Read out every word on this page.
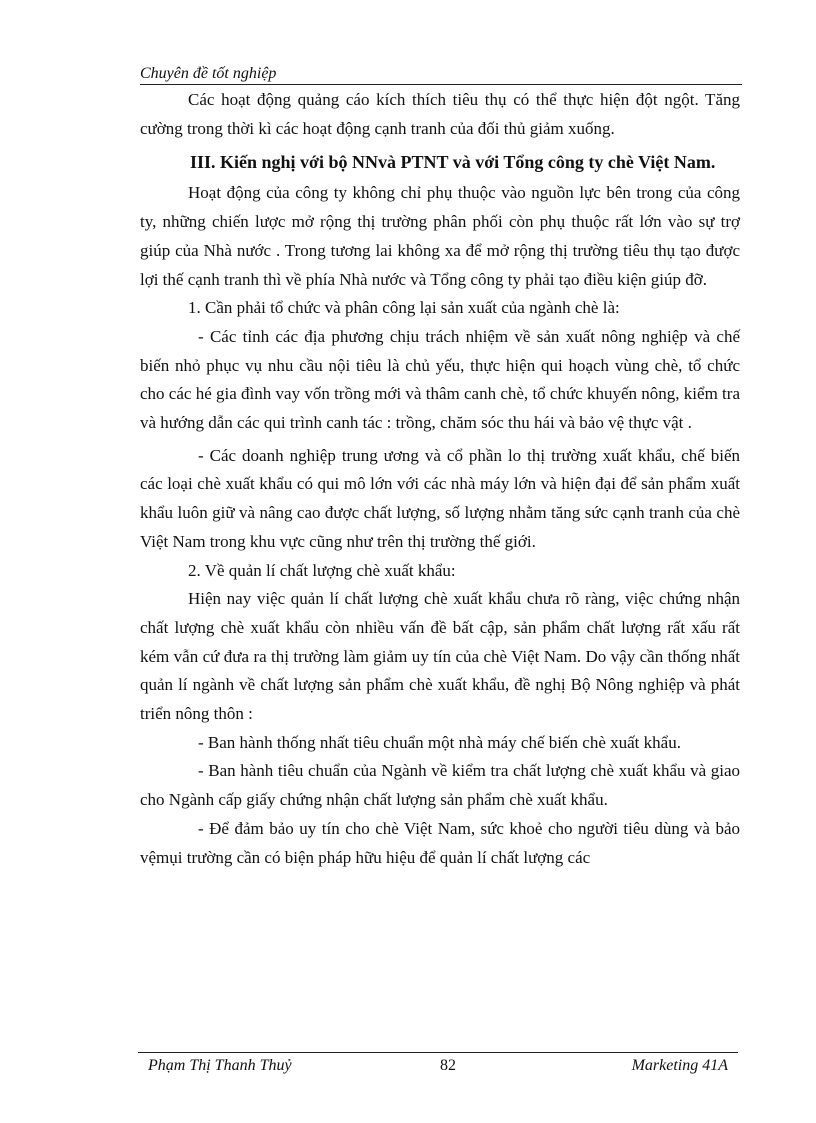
Chuyên đề tốt nghiệp

Các hoạt động quảng cáo kích thích tiêu thụ có thể thực hiện đột ngột. Tăng cường trong thời kì các hoạt động cạnh tranh của đối thủ giảm xuống.

III. Kiến nghị với bộ NNvà PTNT và với Tổng công ty chè Việt Nam.

Hoạt động của công ty không chỉ phụ thuộc vào nguồn lực bên trong của công ty, những chiến lược mở rộng thị trường phân phối còn phụ thuộc rất lớn vào sự trợ giúp của Nhà nước . Trong tương lai không xa để mở rộng thị trường tiêu thụ tạo được lợi thế cạnh tranh thì về phía Nhà nước và Tổng công ty phải tạo điều kiện giúp đỡ.

1. Cần phải tổ chức và phân công lại sản xuất của ngành chè là:

- Các tỉnh các địa phương chịu trách nhiệm về sản xuất nông nghiệp và chế biến nhỏ phục vụ nhu cầu nội tiêu là chủ yếu, thực hiện qui hoạch vùng chè, tổ chức cho các hé gia đình vay vốn trồng mới và thâm canh chè, tổ chức khuyến nông, kiểm tra và hướng dẫn các qui trình canh tác : trồng, chăm sóc thu hái và bảo vệ thực vật .

- Các doanh nghiệp trung ương và cổ phần lo thị trường xuất khẩu, chế biến các loại chè xuất khẩu có qui mô lớn với các nhà máy lớn và hiện đại để sản phẩm xuất khẩu luôn giữ và nâng cao được chất lượng, số lượng nhằm tăng sức cạnh tranh của chè Việt Nam trong khu vực cũng như trên thị trường thế giới.

2. Về quản lí chất lượng chè xuất khẩu:

Hiện nay việc quản lí chất lượng chè xuất khẩu chưa rõ ràng, việc chứng nhận chất lượng chè xuất khẩu còn nhiều vấn đề bất cập, sản phẩm chất lượng rất xấu rất kém vẫn cứ đưa ra thị trường làm giảm uy tín của chè Việt Nam. Do vậy cần thống nhất quản lí ngành về chất lượng sản phẩm chè xuất khẩu, đề nghị Bộ Nông nghiệp và phát triển nông thôn :

- Ban hành thống nhất tiêu chuẩn một nhà máy chế biến chè xuất khẩu.

- Ban hành tiêu chuẩn của Ngành về kiểm tra chất lượng chè xuất khẩu và giao cho Ngành cấp giấy chứng nhận chất lượng sản phẩm chè xuất khẩu.

- Để đảm bảo uy tín cho chè Việt Nam, sức khoẻ cho người tiêu dùng và bảo vệmụi trường cần có biện pháp hữu hiệu để quản lí chất lượng các

Phạm Thị Thanh Thuỷ	82	Marketing 41A
